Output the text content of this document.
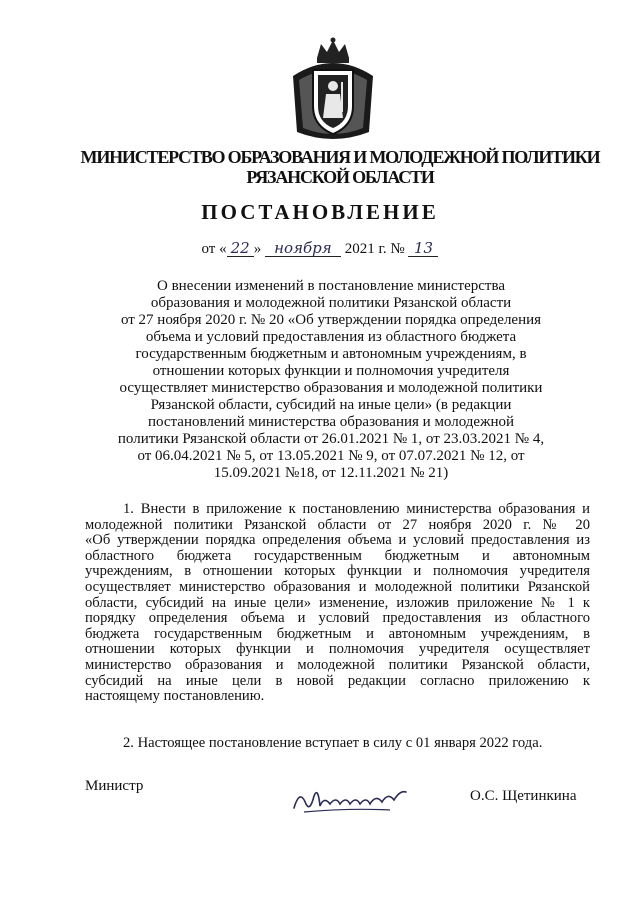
МИНИСТЕРСТВО ОБРАЗОВАНИЯ И МОЛОДЕЖНОЙ ПОЛИТИКИ
РЯЗАНСКОЙ ОБЛАСТИ
ПОСТАНОВЛЕНИЕ
от « 22 » ноября 2021 г. № 13
О внесении изменений в постановление министерства
образования и молодежной политики Рязанской области
от 27 ноября 2020 г. № 20 «Об утверждении порядка определения
объема и условий предоставления из областного бюджета
государственным бюджетным и автономным учреждениям, в
отношении которых функции и полномочия учредителя
осуществляет министерство образования и молодежной политики
Рязанской области, субсидий на иные цели» (в редакции
постановлений министерства образования и молодежной
политики Рязанской области от 26.01.2021 № 1, от 23.03.2021 № 4,
от 06.04.2021 № 5, от 13.05.2021 № 9, от 07.07.2021 № 12, от
15.09.2021 №18, от 12.11.2021 № 21)
1. Внести в приложение к постановлению министерства образования и
молодежной политики Рязанской области от 27 ноября 2020 г. № 20
«Об утверждении порядка определения объема и условий предоставления из
областного бюджета государственным бюджетным и автономным
учреждениям, в отношении которых функции и полномочия учредителя
осуществляет министерство образования и молодежной политики Рязанской
области, субсидий на иные цели» изменение, изложив приложение № 1 к
порядку определения объема и условий предоставления из областного
бюджета государственным бюджетным и автономным учреждениям, в
отношении которых функции и полномочия учредителя осуществляет
министерство образования и молодежной политики Рязанской области,
субсидий на иные цели в новой редакции согласно приложению к
настоящему постановлению.
2. Настоящее постановление вступает в силу с 01 января 2022 года.
Министр
О.С. Щетинкина
